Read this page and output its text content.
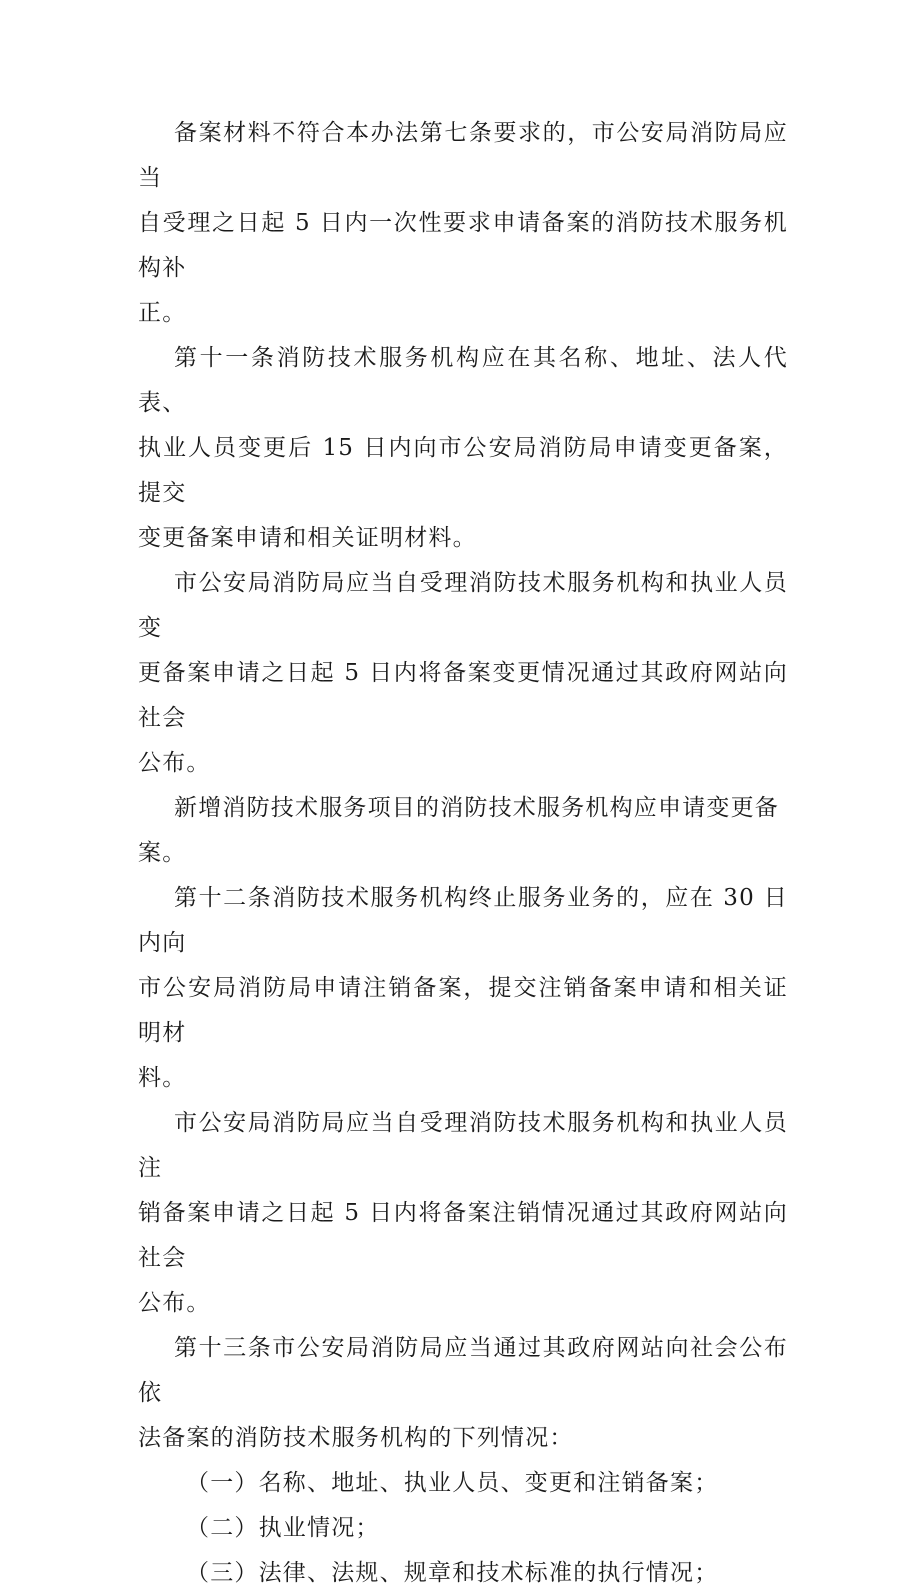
备案材料不符合本办法第七条要求的，市公安局消防局应当
自受理之日起 5 日内一次性要求申请备案的消防技术服务机构补
正。

第十一条消防技术服务机构应在其名称、地址、法人代表、
执业人员变更后 15 日内向市公安局消防局申请变更备案，提交
变更备案申请和相关证明材料。

市公安局消防局应当自受理消防技术服务机构和执业人员变
更备案申请之日起 5 日内将备案变更情况通过其政府网站向社会
公布。

新增消防技术服务项目的消防技术服务机构应申请变更备
案。

第十二条消防技术服务机构终止服务业务的，应在 30 日内向
市公安局消防局申请注销备案，提交注销备案申请和相关证明材
料。

市公安局消防局应当自受理消防技术服务机构和执业人员注
销备案申请之日起 5 日内将备案注销情况通过其政府网站向社会
公布。

第十三条市公安局消防局应当通过其政府网站向社会公布依
法备案的消防技术服务机构的下列情况：

（一）名称、地址、执业人员、变更和注销备案；

（二）执业情况；

（三）法律、法规、规章和技术标准的执行情况；
